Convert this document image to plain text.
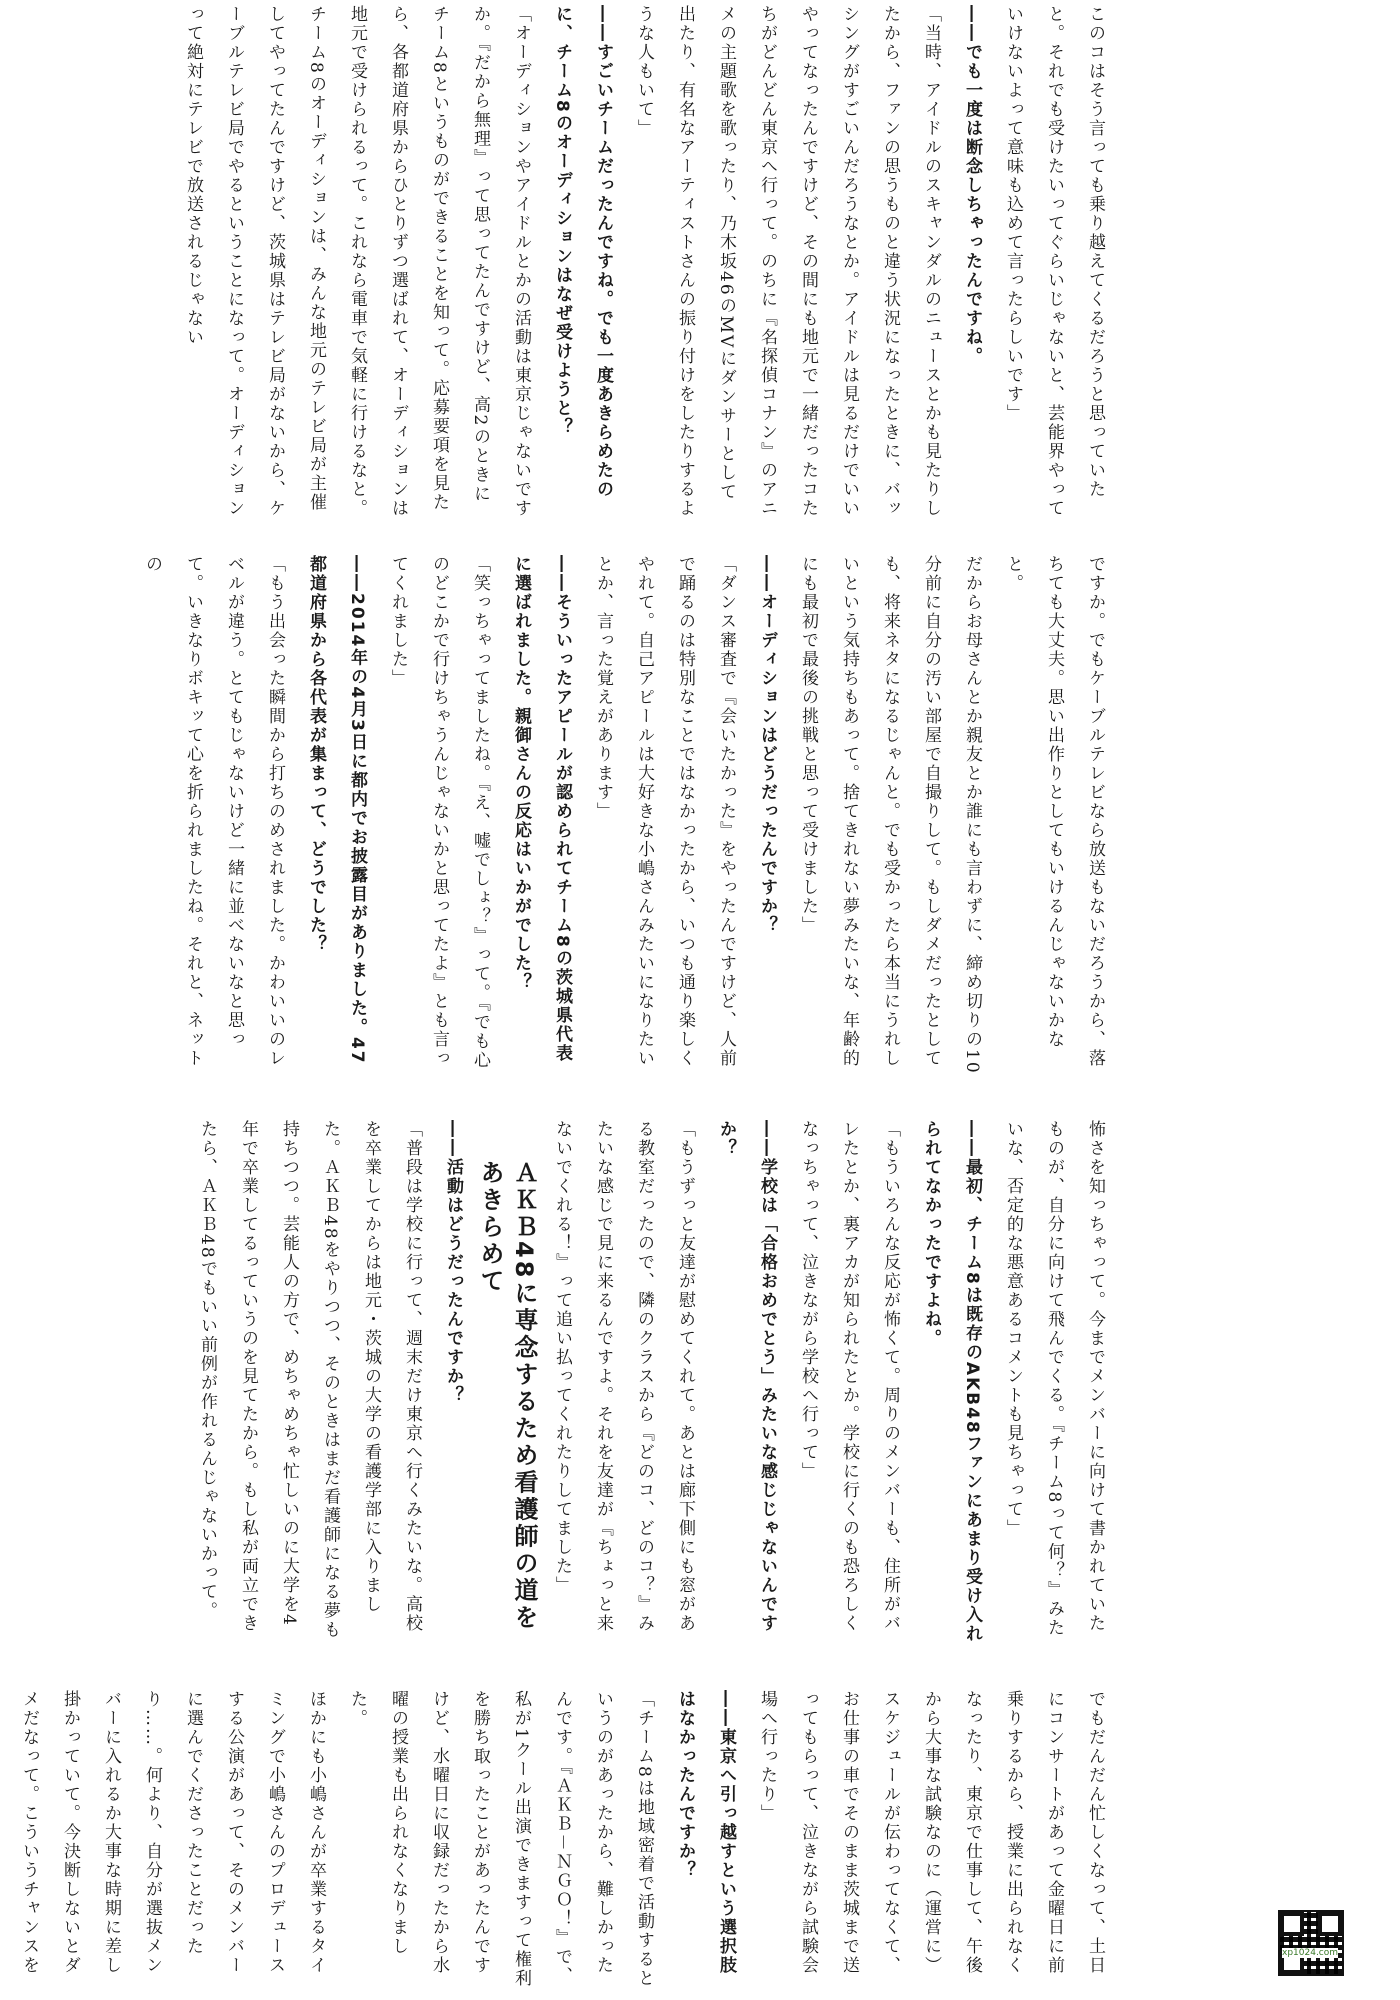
このコはそう言っても乗り越えてくるだろうと思っていたと。それでも受けたいってぐらいじゃないと、芸能界やっていけないよって意味も込めて言ったらしいです」

――でも一度は断念しちゃったんですね。

「当時、アイドルのスキャンダルのニュースとかも見たりしたから、ファンの思うものと違う状況になったときに、バッシングがすごいんだろうなとか。アイドルは見るだけでいいやってなったんですけど、その間にも地元で一緒だったコたちがどんどん東京へ行って。のちに『名探偵コナン』のアニメの主題歌を歌ったり、乃木坂46のMVにダンサーとして出たり、有名なアーティストさんの振り付けをしたりするような人もいて」

――すごいチームだったんですね。でも一度あきらめたのに、チーム8のオーディションはなぜ受けようと？

「オーディションやアイドルとかの活動は東京じゃないですか。『だから無理』って思ってたんですけど、高2のときにチーム8というものができることを知って。応募要項を見たら、各都道府県からひとりずつ選ばれて、オーディションは地元で受けられるって。これなら電車で気軽に行けるなと。

チーム8のオーディションは、みんな地元のテレビ局が主催してやってたんですけど、茨城県はテレビ局がないから、ケーブルテレビ局でやるということになって。オーディションって絶対にテレビで放送されるじゃない

ですか。でもケーブルテレビなら放送もないだろうから、落ちても大丈夫。思い出作りとしてもいけるんじゃないかなと。

だからお母さんとか親友とか誰にも言わずに、締め切りの10分前に自分の汚い部屋で自撮りして。もしダメだったとしても、将来ネタになるじゃんと。でも受かったら本当にうれしいという気持ちもあって。捨てきれない夢みたいな、年齢的にも最初で最後の挑戦と思って受けました」

――オーディションはどうだったんですか？

「ダンス審査で『会いたかった』をやったんですけど、人前で踊るのは特別なことではなかったから、いつも通り楽しくやれて。自己アピールは大好きな小嶋さんみたいになりたいとか、言った覚えがあります」

――そういったアピールが認められてチーム8の茨城県代表に選ばれました。親御さんの反応はいかがでした？

「笑っちゃってましたね。『え、嘘でしょ？』って。『でも心のどこかで行けちゃうんじゃないかと思ってたよ』とも言ってくれました」

――2014年の4月3日に都内でお披露目がありました。47都道府県から各代表が集まって、どうでした？

「もう出会った瞬間から打ちのめされました。かわいいのレベルが違う。とてもじゃないけど一緒に並べないなと思って。いきなりボキッて心を折られましたね。それと、ネットの

怖さを知っちゃって。今までメンバーに向けて書かれていたものが、自分に向けて飛んでくる。『チーム8って何？』みたいな、否定的な悪意あるコメントも見ちゃって」

――最初、チーム8は既存のAKB48ファンにあまり受け入れられてなかったですよね。

「もういろんな反応が怖くて。周りのメンバーも、住所がバレたとか、裏アカが知られたとか。学校に行くのも恐ろしくなっちゃって、泣きながら学校へ行って」

――学校は「合格おめでとう」みたいな感じじゃないんですか？

「もうずっと友達が慰めてくれて。あとは廊下側にも窓がある教室だったので、隣のクラスから『どのコ、どのコ？』みたいな感じで見に来るんですよ。それを友達が『ちょっと来ないでくれる！』って追い払ってくれたりしてました」

ＡＫＢ48に専念するため看護師の道をあきらめて

――活動はどうだったんですか？

「普段は学校に行って、週末だけ東京へ行くみたいな。高校を卒業してからは地元・茨城の大学の看護学部に入りました。ＡＫＢ48をやりつつ、そのときはまだ看護師になる夢も持ちつつ。芸能人の方で、めちゃめちゃ忙しいのに大学を4年で卒業してるっていうのを見てたから。もし私が両立できたら、ＡＫＢ48でもいい前例が作れるんじゃないかって。

でもだんだん忙しくなって、土日にコンサートがあって金曜日に前乗りするから、授業に出られなくなったり、東京で仕事して、午後から大事な試験なのに（運営に）スケジュールが伝わってなくて、お仕事の車でそのまま茨城まで送ってもらって、泣きながら試験会場へ行ったり」

――東京へ引っ越すという選択肢はなかったんですか？

「チーム8は地域密着で活動するというのがあったから、難しかったんです。『ＡＫＢ－ＮＧＯ！』で、私が1クール出演できますって権利を勝ち取ったことがあったんですけど、水曜日に収録だったから水曜の授業も出られなくなりました。

ほかにも小嶋さんが卒業するタイミングで小嶋さんのプロデュースする公演があって、そのメンバーに選んでくださったことだったり……。何より、自分が選抜メンバーに入れるか大事な時期に差し掛かっていて。今決断しないとダメだなって。こういうチャンスを

xp1024.com
